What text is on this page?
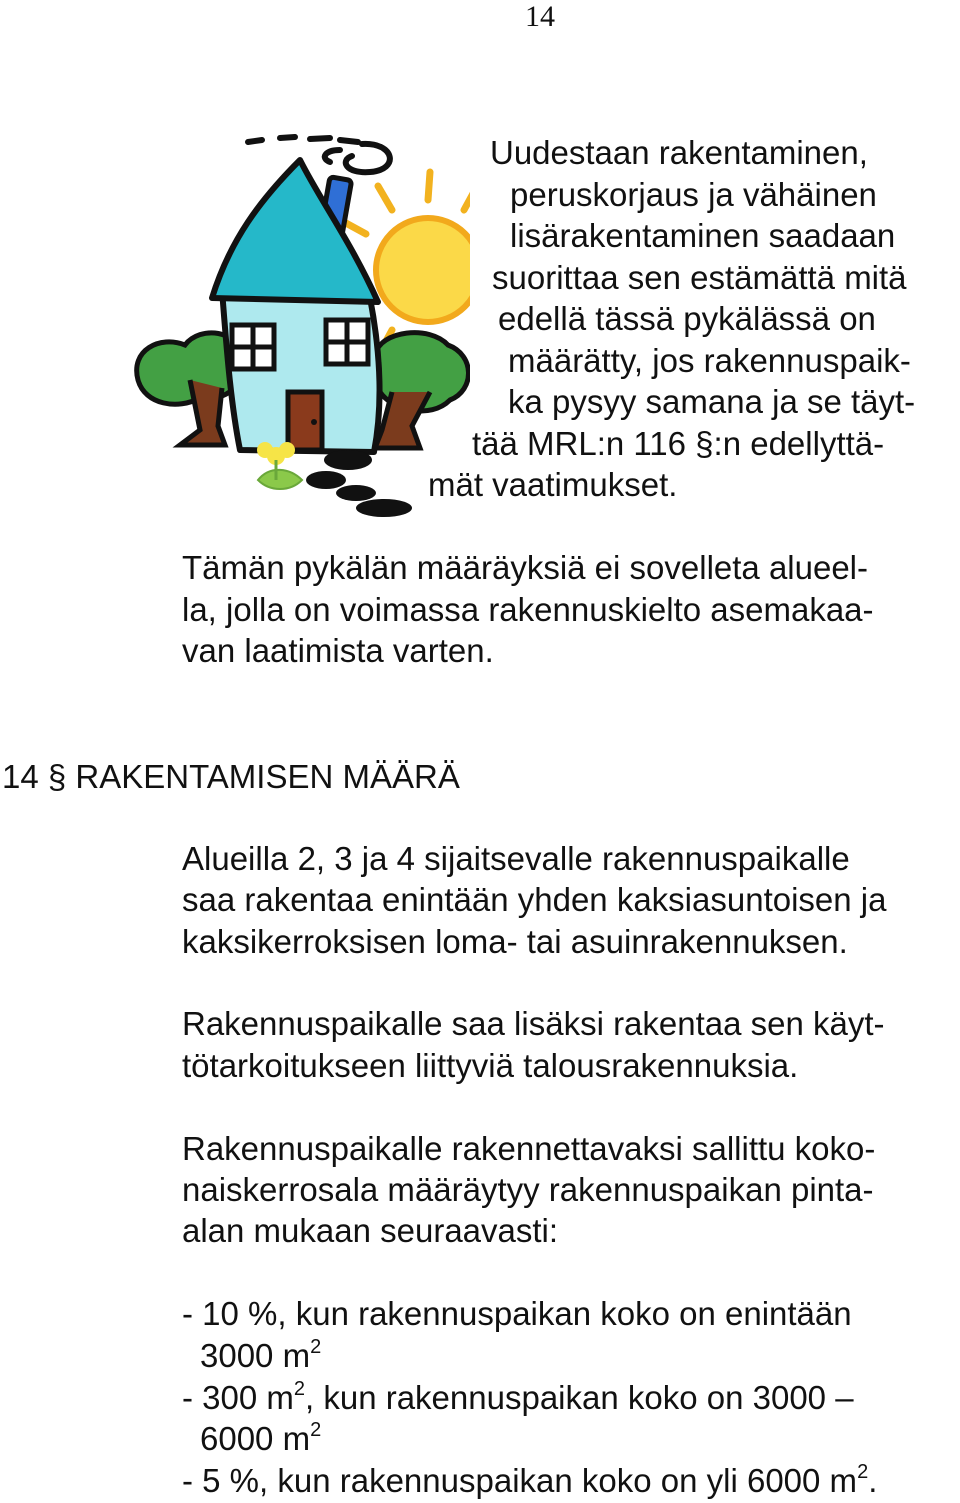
14
Uudestaan rakentaminen,
peruskorjaus ja vähäinen
lisärakentaminen saadaan
suorittaa sen estämättä mitä
edellä tässä pykälässä on
määrätty, jos rakennuspaik-
ka pysyy samana ja se täyt-
tää MRL:n 116 §:n edellyttä-
mät vaatimukset.
Tämän pykälän määräyksiä ei sovelleta alueel-
la, jolla on voimassa rakennuskielto asemakaa-
van laatimista varten.
14 § RAKENTAMISEN MÄÄRÄ
Alueilla 2, 3 ja 4 sijaitsevalle rakennuspaikalle
saa rakentaa enintään yhden kaksiasuntoisen ja
kaksikerroksisen loma- tai asuinrakennuksen.
Rakennuspaikalle saa lisäksi rakentaa sen käyt-
tötarkoitukseen liittyviä talousrakennuksia.
Rakennuspaikalle rakennettavaksi sallittu koko-
naiskerrosala määräytyy rakennuspaikan pinta-
alan mukaan seuraavasti:
- 10 %, kun rakennuspaikan koko on enintään
3000 $m^2$
- 300 $m^2$, kun rakennuspaikan koko on 3000 –
6000 $m^2$
- 5 %, kun rakennuspaikan koko on yli 6000 $m^2$.
